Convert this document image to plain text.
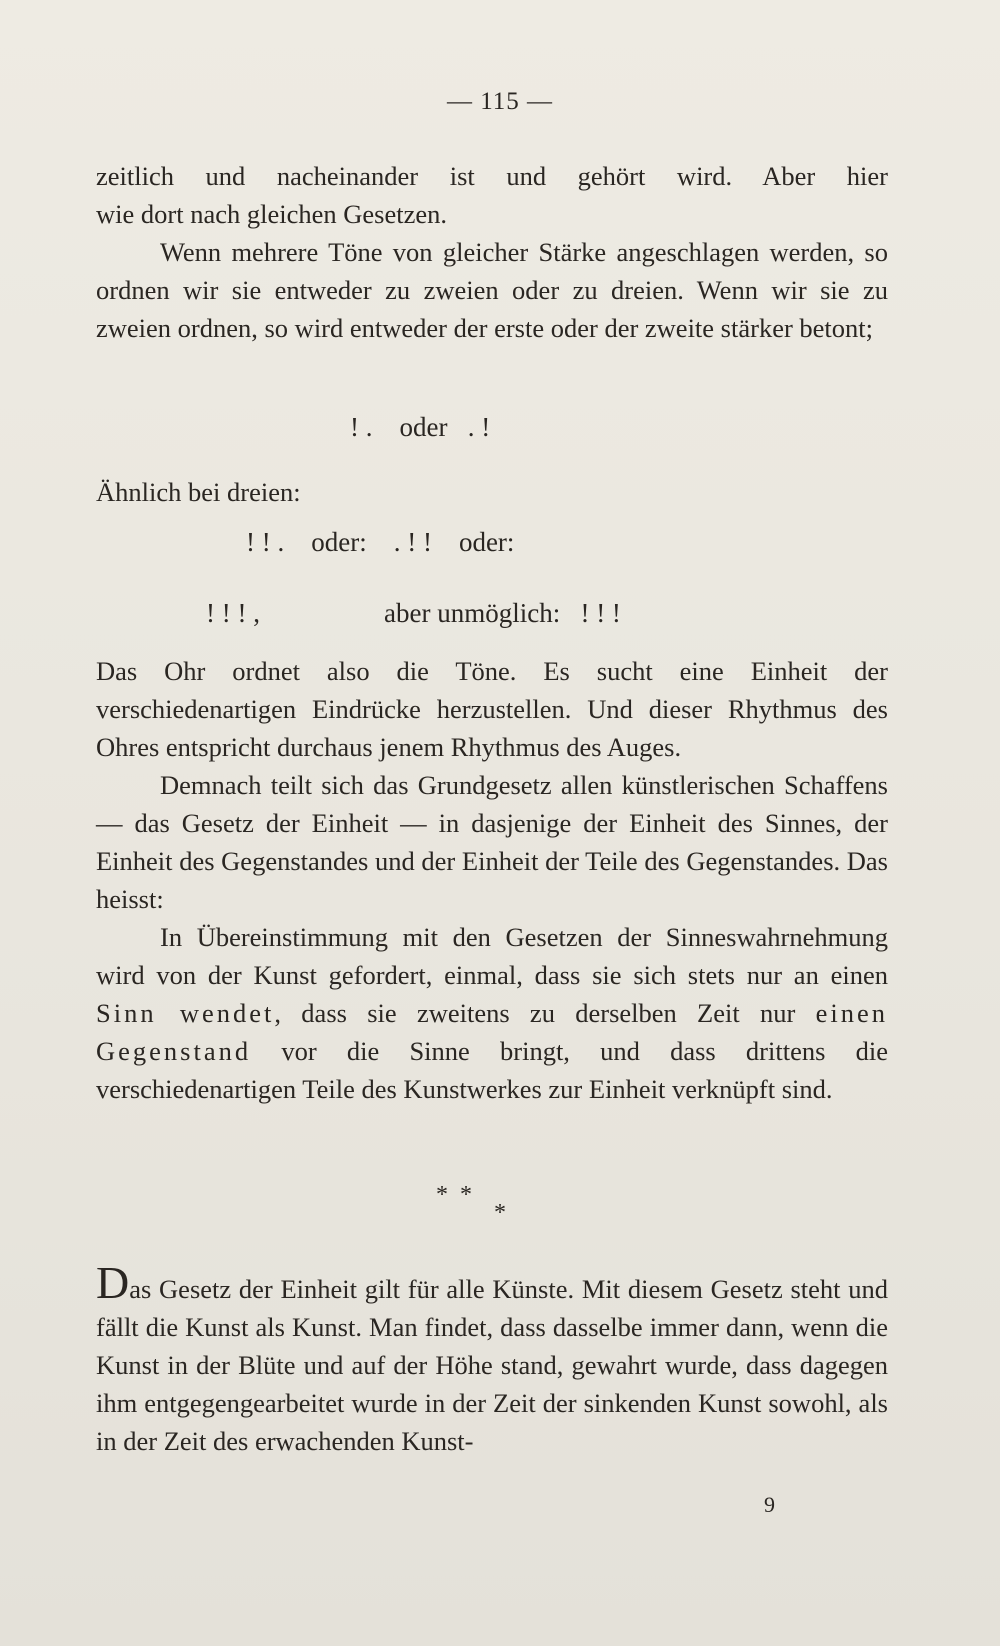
— 115 —

zeitlich und nacheinander ist und gehört wird. Aber hier

wie dort nach gleichen Gesetzen.

Wenn mehrere Töne von gleicher Stärke angeschlagen werden, so ordnen wir sie entweder zu zweien oder zu dreien. Wenn wir sie zu zweien ordnen, so wird entweder der erste oder der zweite stärker betont;

! .    oder   . !

Ähnlich bei dreien:

! ! .    oder:    . ! !    oder:
! ! ! ,	aber unmöglich:   ! ! !

Das Ohr ordnet also die Töne. Es sucht eine Einheit der verschiedenartigen Eindrücke herzustellen. Und dieser Rhythmus des Ohres entspricht durchaus jenem Rhythmus des Auges.

Demnach teilt sich das Grundgesetz allen künstlerischen Schaffens — das Gesetz der Einheit — in dasjenige der Einheit des Sinnes, der Einheit des Gegenstandes und der Einheit der Teile des Gegenstandes. Das heisst:

In Übereinstimmung mit den Gesetzen der Sinneswahrnehmung wird von der Kunst gefordert, einmal, dass sie sich stets nur an einen Sinn wendet, dass sie zweitens zu derselben Zeit nur einen Gegenstand vor die Sinne bringt, und dass drittens die verschiedenartigen Teile des Kunstwerkes zur Einheit verknüpft sind.

*  *
*

Das Gesetz der Einheit gilt für alle Künste. Mit diesem Gesetz steht und fällt die Kunst als Kunst. Man findet, dass dasselbe immer dann, wenn die Kunst in der Blüte und auf der Höhe stand, gewahrt wurde, dass dagegen ihm entgegengearbeitet wurde in der Zeit der sinkenden Kunst sowohl, als in der Zeit des erwachenden Kunst-

9
